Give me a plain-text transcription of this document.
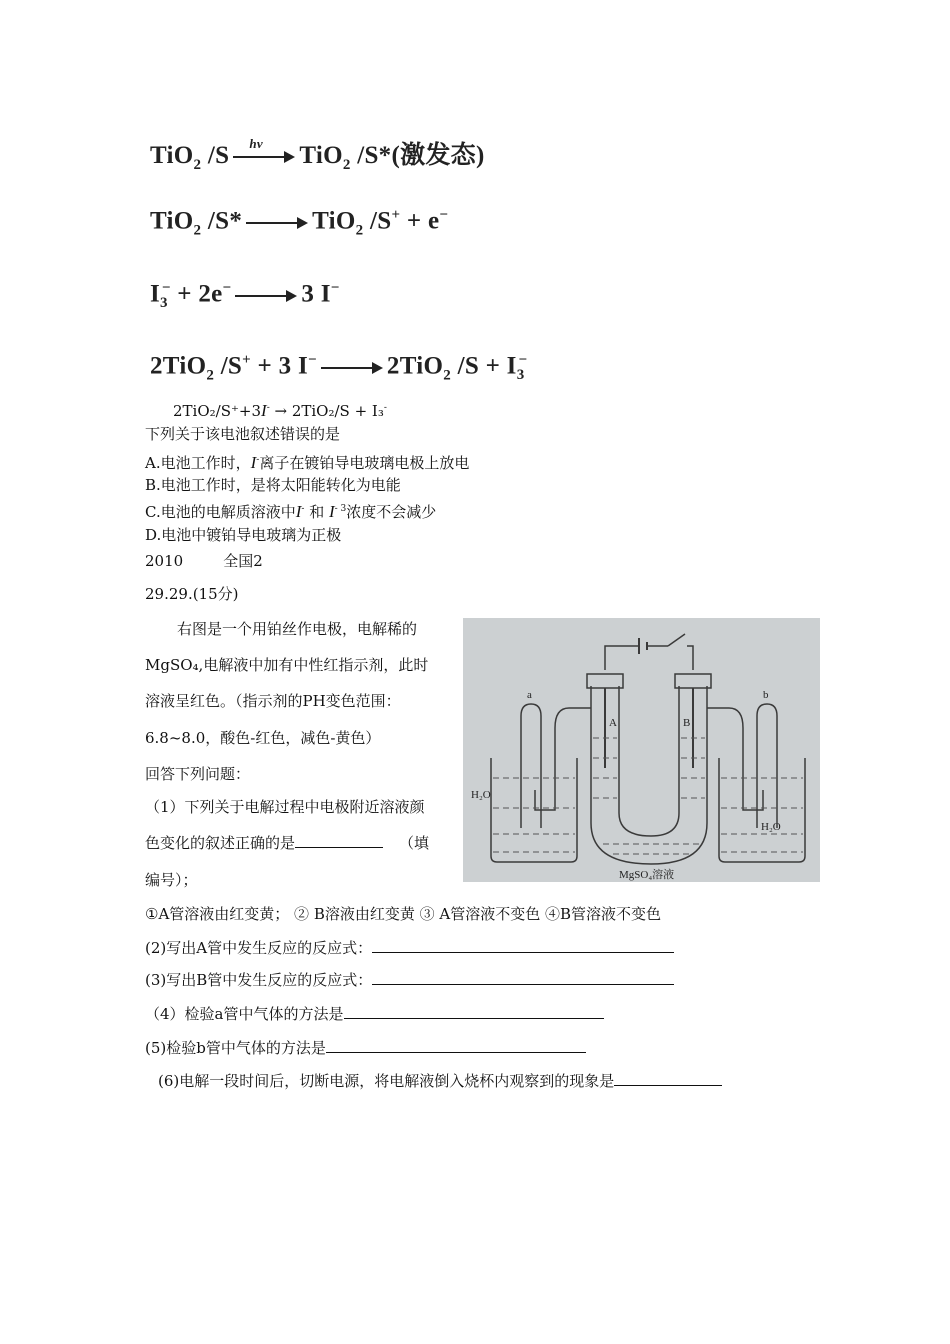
TiO$_2$ /S hv TiO$_2$ /S*(激发态)
TiO$_2$ /S*	TiO$_2$ /S+ + e−
$I_3^- + 2e^-$	3 I−
2TiO$_2$ /S+ + 3 I−	2TiO$_2$ $/S + I_3^-$
2TiO₂/S⁺+3I- → 2TiO₂/S + I₃-
下列关于该电池叙述错误的是
A.电池工作时，I-离子在镀铂导电玻璃电极上放电
B.电池工作时，是将太阳能转化为电能
C.电池的电解质溶液中I- 和 $I^{- 3}$浓度不会减少
D.电池中镀铂导电玻璃为正极
2010	全国2
29.29.(15分)
右图是一个用铂丝作电极，电解稀的
MgSO₄,电解液中加有中性红指示剂，此时
溶液呈红色。（指示剂的PH变色范围：
6.8~8.0，酸色-红色，减色-黄色）
回答下列问题：
（1）下列关于电解过程中电极附近溶液颜
色变化的叙述正确的是	（填
编号）；
①A管溶液由红变黄； ② B溶液由红变黄 ③ A管溶液不变色 ④B管溶液不变色
(2)写出A管中发生反应的反应式：
(3)写出B管中发生反应的反应式：
（4）检验a管中气体的方法是
(5)检验b管中气体的方法是
(6)电解一段时间后，切断电源，将电解液倒入烧杯内观察到的现象是
a	b
A	B
H₂O
H₂O
MgSO₄溶液
